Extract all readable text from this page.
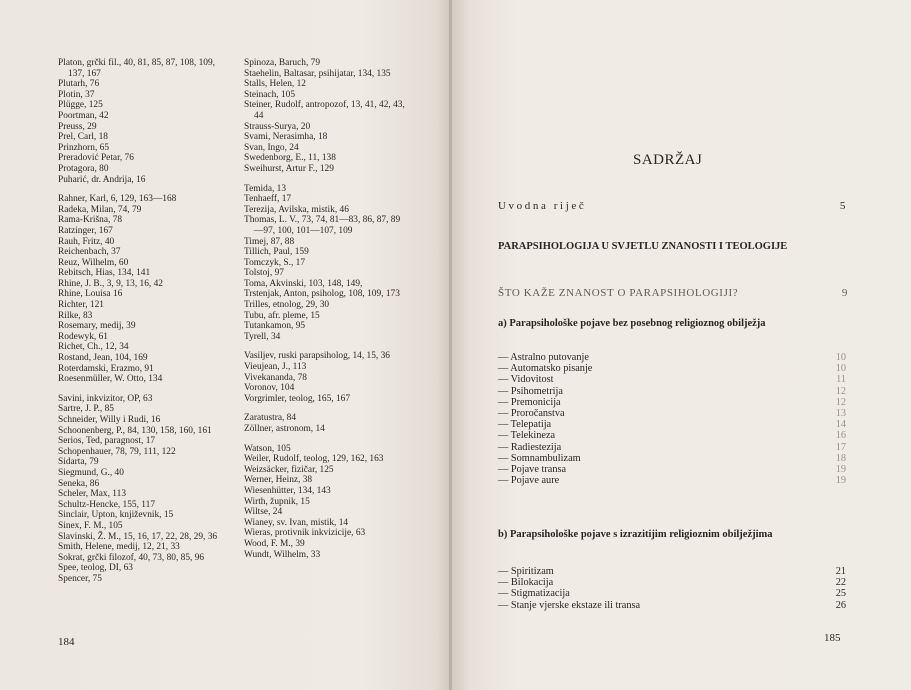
Platon, grčki fil., 40, 81, 85, 87, 108, 109, 137, 167

Plutarh, 76

Plotin, 37

Plügge, 125

Poortman, 42

Preuss, 29

Prel, Carl, 18

Prinzhorn, 65

Preradović Petar, 76

Protagora, 80

Puharić, dr. Andrija, 16

Rahner, Karl, 6, 129, 163—168

Radeka, Milan, 74, 79

Rama-Krišna, 78

Ratzinger, 167

Rauh, Fritz, 40

Reichenbach, 37

Reuz, Wilhelm, 60

Rebitsch, Hias, 134, 141

Rhine, J. B., 3, 9, 13, 16, 42

Rhine, Louisa 16

Richter, 121

Rilke, 83

Rosemary, medij, 39

Rodewyk, 61

Richet, Ch., 12, 34

Rostand, Jean, 104, 169

Roterdamski, Erazmo, 91

Roesenmüller, W. Otto, 134

Savini, inkvizitor, OP, 63

Sartre, J. P., 85

Schneider, Willy i Rudi, 16

Schoonenberg, P., 84, 130, 158, 160, 161

Serios, Ted, paragnost, 17

Schopenhauer, 78, 79, 111, 122

Sidarta, 79

Siegmund, G., 40

Seneka, 86

Scheler, Max, 113

Schultz-Hencke, 155, 117

Sinclair, Upton, književnik, 15

Sinex, F. M., 105

Slavinski, Ž. M., 15, 16, 17, 22, 28, 29, 36

Smith, Helene, medij, 12, 21, 33

Sokrat, grčki filozof, 40, 73, 80, 85, 96

Spee, teolog, DI, 63

Spencer, 75

Spinoza, Baruch, 79

Staehelin, Baltasar, psihijatar, 134, 135

Stalls, Helen, 12

Steinach, 105

Steiner, Rudolf, antropozof, 13, 41, 42, 43, 44

Strauss-Surya, 20

Svami, Nerasimha, 18

Svan, Ingo, 24

Swedenborg, E., 11, 138

Sweihurst, Artur F., 129

Temida, 13

Tenhaeff, 17

Terezija, Avilska, mistik, 46

Thomas, L. V., 73, 74, 81—83, 86, 87, 89—97, 100, 101—107, 109

Timej, 87, 88

Tillich, Paul, 159

Tomczyk, S., 17

Tolstoj, 97

Toma, Akvinski, 103, 148, 149,

Trstenjak, Anton, psiholog, 108, 109, 173

Trilles, etnolog, 29, 30

Tubu, afr. pleme, 15

Tutankamon, 95

Tyrell, 34

Vasiljev, ruski parapsiholog, 14, 15, 36

Vieujean, J., 113

Vivekananda, 78

Voronov, 104

Vorgrimler, teolog, 165, 167

Zaratustra, 84

Zöllner, astronom, 14

Watson, 105

Weiler, Rudolf, teolog, 129, 162, 163

Weizsäcker, fizičar, 125

Werner, Heinz, 38

Wiesenhütter, 134, 143

Wirth, župnik, 15

Wiltse, 24

Wianey, sv. Ivan, mistik, 14

Wieras, protivnik inkvizicije, 63

Wood, F. M., 39

Wundt, Wilhelm, 33

184
SADRŽAJ
Uvodna riječ	5
PARAPSIHOLOGIJA U SVJETLU ZNANOSTI I TEOLOGIJE
ŠTO KAŽE ZNANOST O PARAPSIHOLOGIJI?	9
a) Parapsihološke pojave bez posebnog religioznog obilježja
— Astralno putovanje	10
— Automatsko pisanje	10
— Vidovitost	11
— Psihometrija	12
— Premonicija	12
— Proročanstva	13
— Telepatija	14
— Telekineza	16
— Radiestezija	17
— Somnambulizam	18
— Pojave transa	19
— Pojave aure	19
b) Parapsihološke pojave s izrazitijim religioznim obilježjima
— Spiritizam	21
— Bilokacija	22
— Stigmatizacija	25
— Stanje vjerske ekstaze ili transa	26
185
